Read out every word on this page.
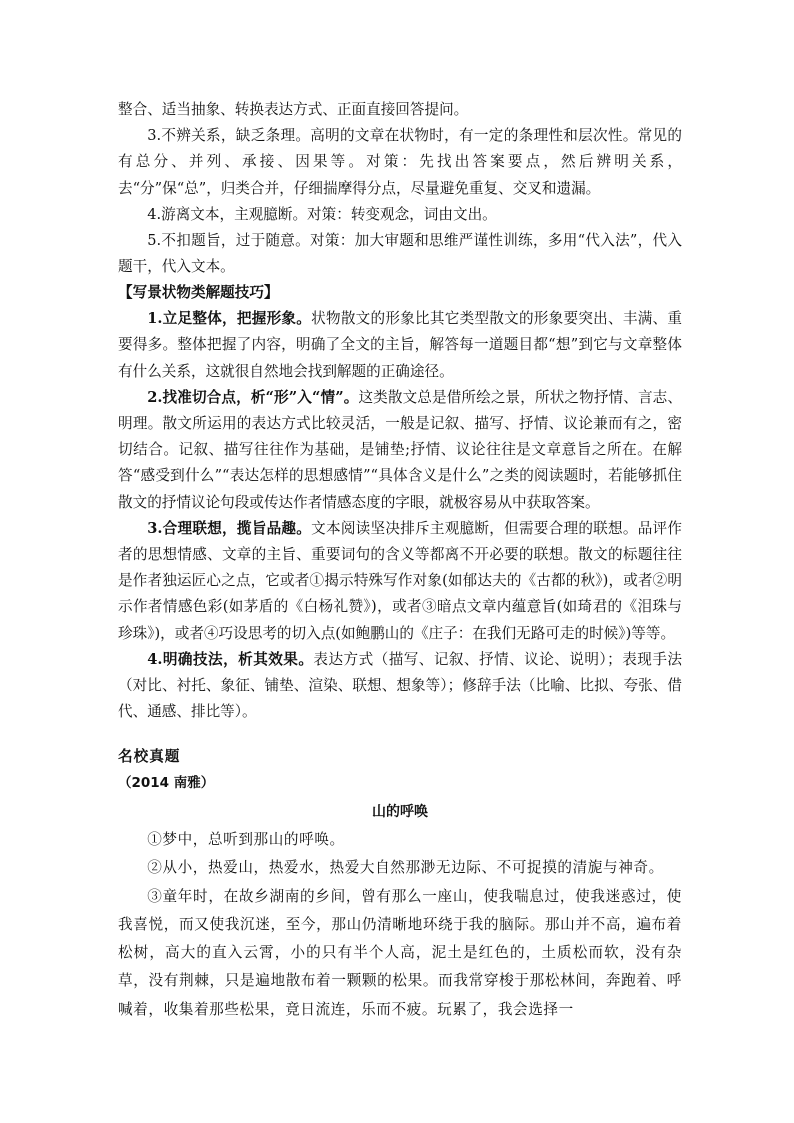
整合、适当抽象、转换表达方式、正面直接回答提问。

3.不辨关系，缺乏条理。高明的文章在状物时，有一定的条理性和层次性。常见的有总分、并列、承接、因果等。对策：先找出答案要点，然后辨明关系，去“分”保“总”，归类合并，仔细揣摩得分点，尽量避免重复、交叉和遗漏。

4.游离文本，主观臆断。对策：转变观念，词由文出。

5.不扣题旨，过于随意。对策：加大审题和思维严谨性训练，多用“代入法”，代入题干，代入文本。

【写景状物类解题技巧】

1.立足整体，把握形象。状物散文的形象比其它类型散文的形象要突出、丰满、重要得多。整体把握了内容，明确了全文的主旨，解答每一道题目都“想”到它与文章整体有什么关系，这就很自然地会找到解题的正确途径。

2.找准切合点，析“形”入“情”。这类散文总是借所绘之景，所状之物抒情、言志、明理。散文所运用的表达方式比较灵活，一般是记叙、描写、抒情、议论兼而有之，密切结合。记叙、描写往往作为基础，是铺垫;抒情、议论往往是文章意旨之所在。在解答“感受到什么”“表达怎样的思想感情”“具体含义是什么”之类的阅读题时，若能够抓住散文的抒情议论句段或传达作者情感态度的字眼，就极容易从中获取答案。

3.合理联想，揽旨品趣。文本阅读坚决排斥主观臆断，但需要合理的联想。品评作者的思想情感、文章的主旨、重要词句的含义等都离不开必要的联想。散文的标题往往是作者独运匠心之点，它或者①揭示特殊写作对象(如郁达夫的《古都的秋》)，或者②明示作者情感色彩(如茅盾的《白杨礼赞》)，或者③暗点文章内蕴意旨(如琦君的《泪珠与珍珠》)，或者④巧设思考的切入点(如鲍鹏山的《庄子：在我们无路可走的时候》)等等。

4.明确技法，析其效果。表达方式（描写、记叙、抒情、议论、说明）；表现手法（对比、衬托、象征、铺垫、渲染、联想、想象等）；修辞手法（比喻、比拟、夸张、借代、通感、排比等）。

名校真题

（2014 南雅）

山的呼唤

①梦中，总听到那山的呼唤。

②从小，热爱山，热爱水，热爱大自然那渺无边际、不可捉摸的清旎与神奇。

③童年时，在故乡湖南的乡间，曾有那么一座山，使我喘息过，使我迷惑过，使我喜悦，而又使我沉迷，至今，那山仍清晰地环绕于我的脑际。那山并不高，遍布着松树，高大的直入云霄，小的只有半个人高，泥土是红色的，土质松而软，没有杂草，没有荆棘，只是遍地散布着一颗颗的松果。而我常穿梭于那松林间，奔跑着、呼喊着，收集着那些松果，竟日流连，乐而不疲。玩累了，我会选择一
